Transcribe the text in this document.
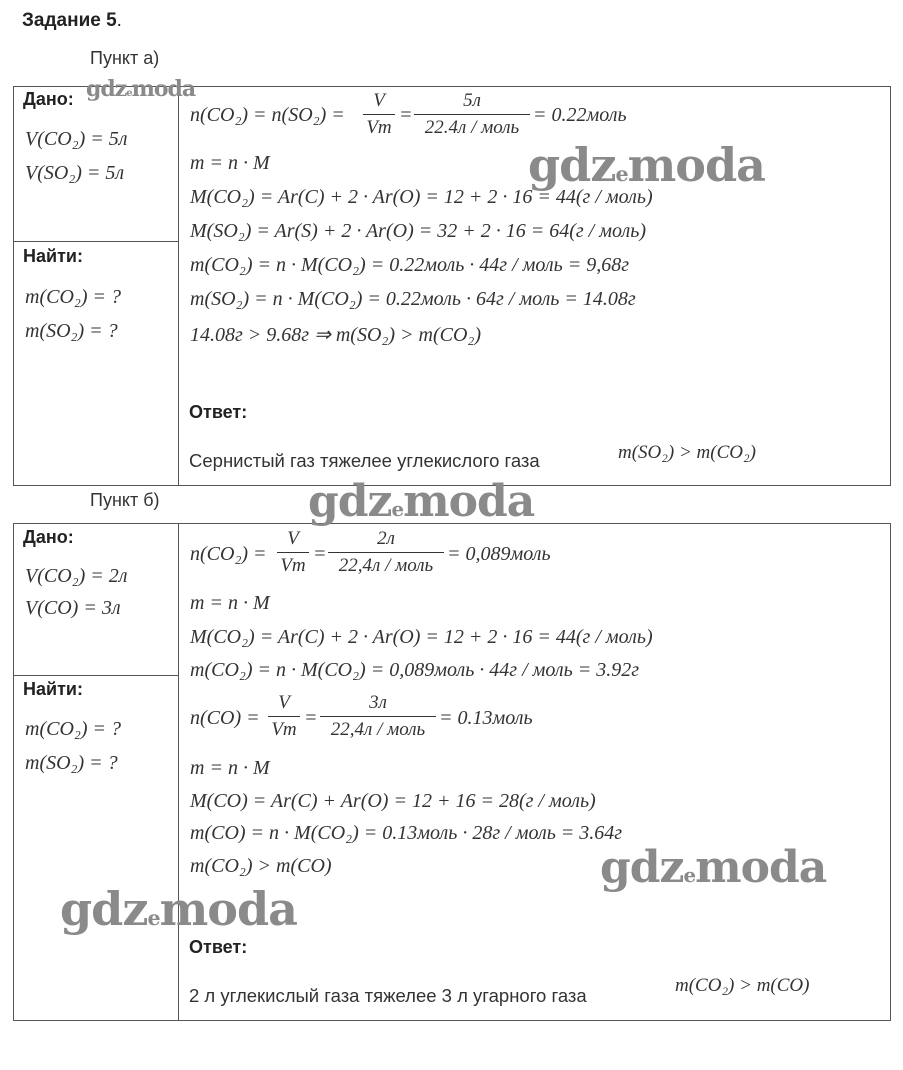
Задание 5.
Пункт а)
Дано:
V(CO₂) = 5л
V(SO₂) = 5л
Найти:
m(CO₂) = ?
m(SO₂) = ?
$n(CO_2) = n(SO_2) = \frac{V}{Vm}$ =
5л
22.4л / моль
= 0.22моль
m = n · M
M(CO₂) = Ar(C) + 2 · Ar(O) = 12 + 2 · 16 = 44(г / моль)
M(SO₂) = Ar(S) + 2 · Ar(O) = 32 + 2 · 16 = 64(г / моль)
m(CO₂) = n · M(CO₂) = 0.22моль · 44г / моль = 9,68г
m(SO₂) = n · M(CO₂) = 0.22моль · 64г / моль = 14.08г
14.08г > 9.68г ⇒ m(SO₂) > m(CO₂)
Ответ:
Сернистый газ тяжелее углекислого газа	m(SO₂) > m(CO₂)
Пункт б)
Дано:
V(CO₂) = 2л
V(CO) = 3л
Найти:
m(CO₂) = ?
m(SO₂) = ?
$n(CO_2) = \frac{V}{Vm}$ =
2л
22,4л / моль
= 0,089моль
m = n · M
M(CO₂) = Ar(C) + 2 · Ar(O) = 12 + 2 · 16 = 44(г / моль)
m(CO₂) = n · M(CO₂) = 0,089моль · 44г / моль = 3.92г
$n(CO) = \frac{V}{Vm}$ =
3л
22,4л / моль
= 0.13моль
m = n · M
M(CO) = Ar(C) + Ar(O) = 12 + 16 = 28(г / моль)
m(CO) = n · M(CO₂) = 0.13моль · 28г / моль = 3.64г
m(CO₂) > m(CO)
Ответ:
2 л углекислый газа тяжелее 3 л угарного газа	m(CO₂) > m(CO)
gdzemoda
gdzemoda
gdzemoda
gdzemoda
gdzemoda
